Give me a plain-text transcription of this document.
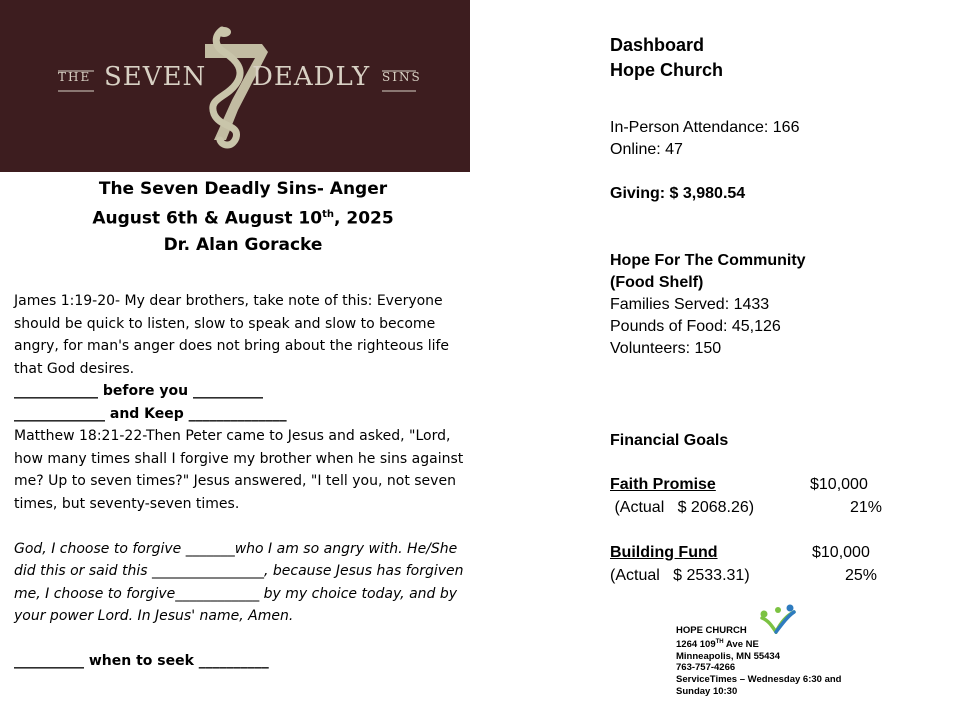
THE SEVEN DEADLY SINS
The Seven Deadly Sins- Anger
August 6th & August 10th, 2025
Dr. Alan Goracke

James 1:19-20- My dear brothers, take note of this: Everyone should be quick to listen, slow to speak and slow to become angry, for man's anger does not bring about the righteous life that God desires.

____________ before you __________

_____________ and Keep ______________

Matthew 18:21-22-Then Peter came to Jesus and asked, "Lord, how many times shall I forgive my brother when he sins against me? Up to seven times?" Jesus answered, "I tell you, not seven times, but seventy-seven times.

God, I choose to forgive _______who I am so angry with. He/She did this or said this ________________, because Jesus has forgiven me, I choose to forgive____________ by my choice today, and by your power Lord. In Jesus' name, Amen.

__________ when to seek __________

Dashboard
Hope Church
In-Person Attendance: 166
Online: 47
Giving: $ 3,980.54
Hope For The Community
(Food Shelf)
Families Served: 1433
Pounds of Food: 45,126
Volunteers: 150
Financial Goals
Faith Promise	$10,000
(Actual   $ 2068.26)	21%
Building Fund	$10,000
(Actual   $ 2533.31)	25%
HOPE CHURCH
1264 109TH Ave NE
Minneapolis, MN 55434
763-757-4266
ServiceTimes – Wednesday 6:30 and
Sunday 10:30
